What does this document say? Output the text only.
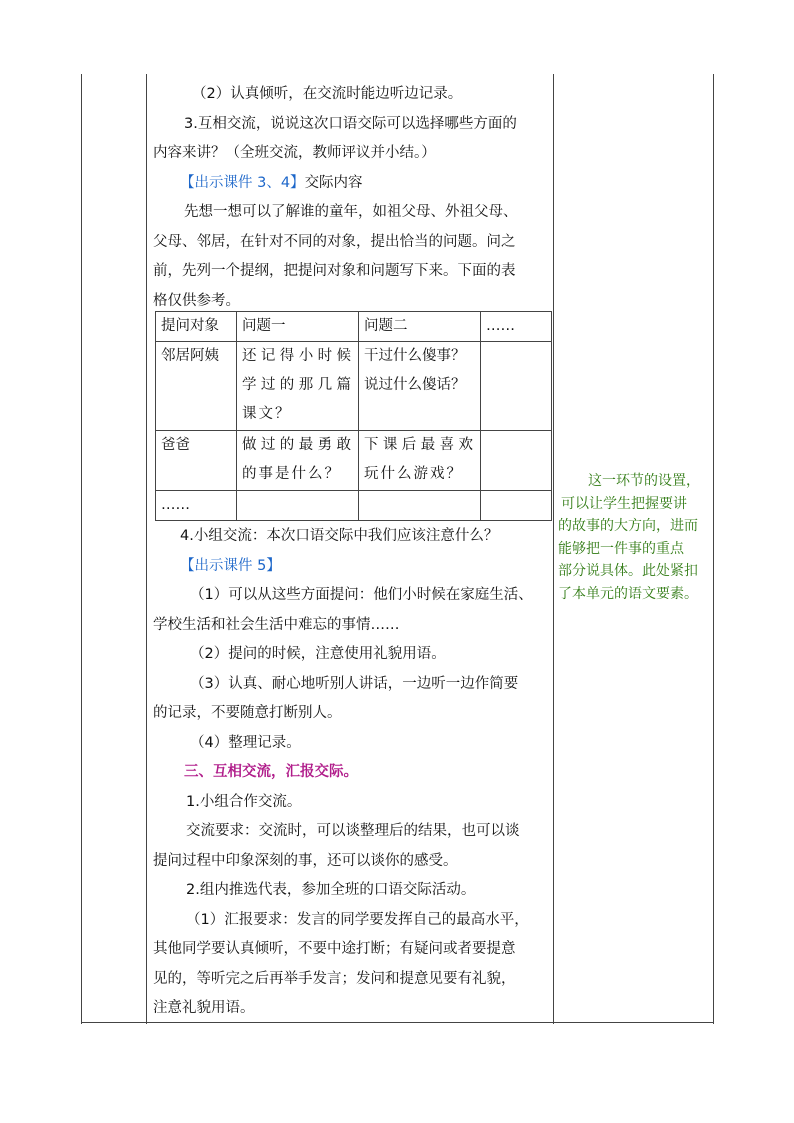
（2）认真倾听，在交流时能边听边记录。

3.互相交流，说说这次口语交际可以选择哪些方面的

内容来讲？（全班交流，教师评议并小结。）

【出示课件 3、4】交际内容

先想一想可以了解谁的童年，如祖父母、外祖父母、

父母、邻居，在针对不同的对象，提出恰当的问题。问之

前，先列一个提纲，把提问对象和问题写下来。下面的表

格仅供参考。

4.小组交流：本次口语交际中我们应该注意什么？

【出示课件 5】

（1）可以从这些方面提问：他们小时候在家庭生活、

学校生活和社会生活中难忘的事情……

（2）提问的时候，注意使用礼貌用语。

（3）认真、耐心地听别人讲话，一边听一边作简要

的记录，不要随意打断别人。

（4）整理记录。

三、互相交流，汇报交际。

1.小组合作交流。

交流要求：交流时，可以谈整理后的结果，也可以谈

提问过程中印象深刻的事，还可以谈你的感受。

2.组内推选代表，参加全班的口语交际活动。

（1）汇报要求：发言的同学要发挥自己的最高水平，

其他同学要认真倾听，不要中途打断；有疑问或者要提意

见的，等听完之后再举手发言；发问和提意见要有礼貌，

注意礼貌用语。

提问对象	问题一	问题二	……
邻居阿姨	还记得小时候学过的那几篇课文？	干过什么傻事？说过什么傻话？	
爸爸	做过的最勇敢的事是什么？	下课后最喜欢玩什么游戏？	
……			
这一环节的设置，
可以让学生把握要讲
的故事的大方向，进而
能够把一件事的重点
部分说具体。此处紧扣
了本单元的语文要素。
